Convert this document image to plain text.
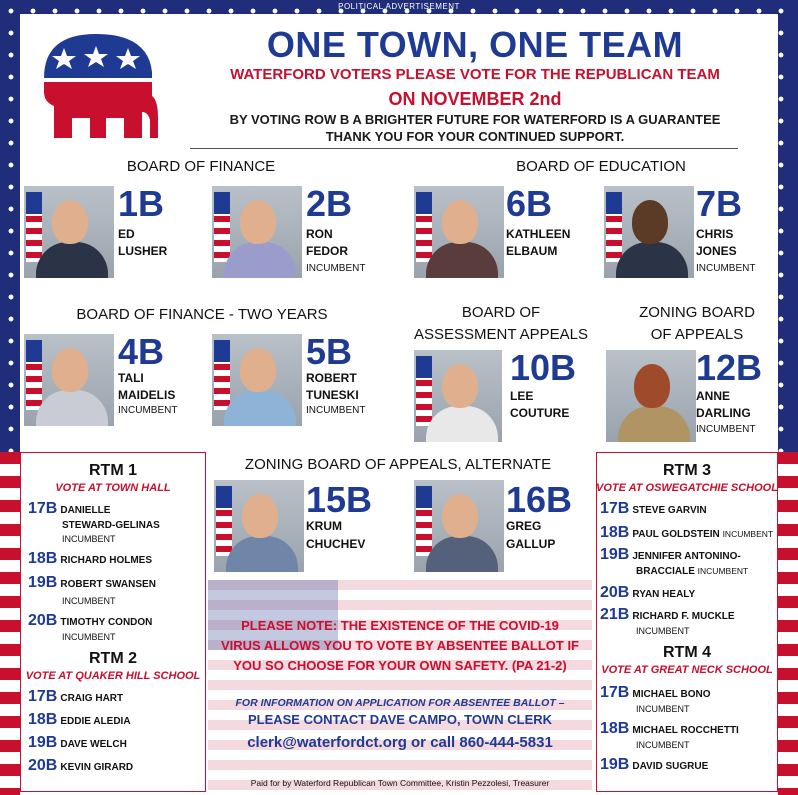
POLITICAL ADVERTISEMENT
ONE TOWN, ONE TEAM
WATERFORD VOTERS PLEASE VOTE FOR THE REPUBLICAN TEAM
ON NOVEMBER 2nd
BY VOTING ROW B A BRIGHTER FUTURE FOR WATERFORD IS A GUARANTEE
THANK YOU FOR YOUR CONTINUED SUPPORT.
BOARD OF FINANCE	BOARD OF EDUCATION
BOARD OF FINANCE - TWO YEARS	BOARD OF
ASSESSMENT APPEALS
ZONING BOARD
OF APPEALS
ZONING BOARD OF APPEALS, ALTERNATE
1B
ED
LUSHER
2B
RON
FEDOR
INCUMBENT
6B
KATHLEEN
ELBAUM
7B
CHRIS
JONES
INCUMBENT
4B
TALI
MAIDELIS
INCUMBENT
5B
ROBERT
TUNESKI
INCUMBENT
10B
LEE
COUTURE
12B
ANNE
DARLING
INCUMBENT
15B
KRUM
CHUCHEV
16B
GREG
GALLUP
RTM 1
VOTE AT TOWN HALL
17B DANIELLE
STEWARD-GELINAS
INCUMBENT
18B RICHARD HOLMES
19B ROBERT SWANSEN
INCUMBENT
20B TIMOTHY CONDON
INCUMBENT
RTM 2
VOTE AT QUAKER HILL SCHOOL
17B CRAIG HART
18B EDDIE ALEDIA
19B DAVE WELCH
20B KEVIN GIRARD
RTM 3
VOTE AT OSWEGATCHIE SCHOOL
17B STEVE GARVIN
18B PAUL GOLDSTEIN INCUMBENT
19B JENNIFER ANTONINO-
BRACCIALE INCUMBENT
20B RYAN HEALY
21B RICHARD F. MUCKLE
INCUMBENT
RTM 4
VOTE AT GREAT NECK SCHOOL
17B MICHAEL BONO
INCUMBENT
18B MICHAEL ROCCHETTI
INCUMBENT
19B DAVID SUGRUE
PLEASE NOTE: THE EXISTENCE OF THE COVID-19
VIRUS ALLOWS YOU TO VOTE BY ABSENTEE BALLOT IF
YOU SO CHOOSE FOR YOUR OWN SAFETY. (PA 21-2)
FOR INFORMATION ON APPLICATION FOR ABSENTEE BALLOT –
PLEASE CONTACT DAVE CAMPO, TOWN CLERK
clerk@waterfordct.org or call 860-444-5831
Paid for by Waterford Republican Town Committee, Kristin Pezzolesi, Treasurer
